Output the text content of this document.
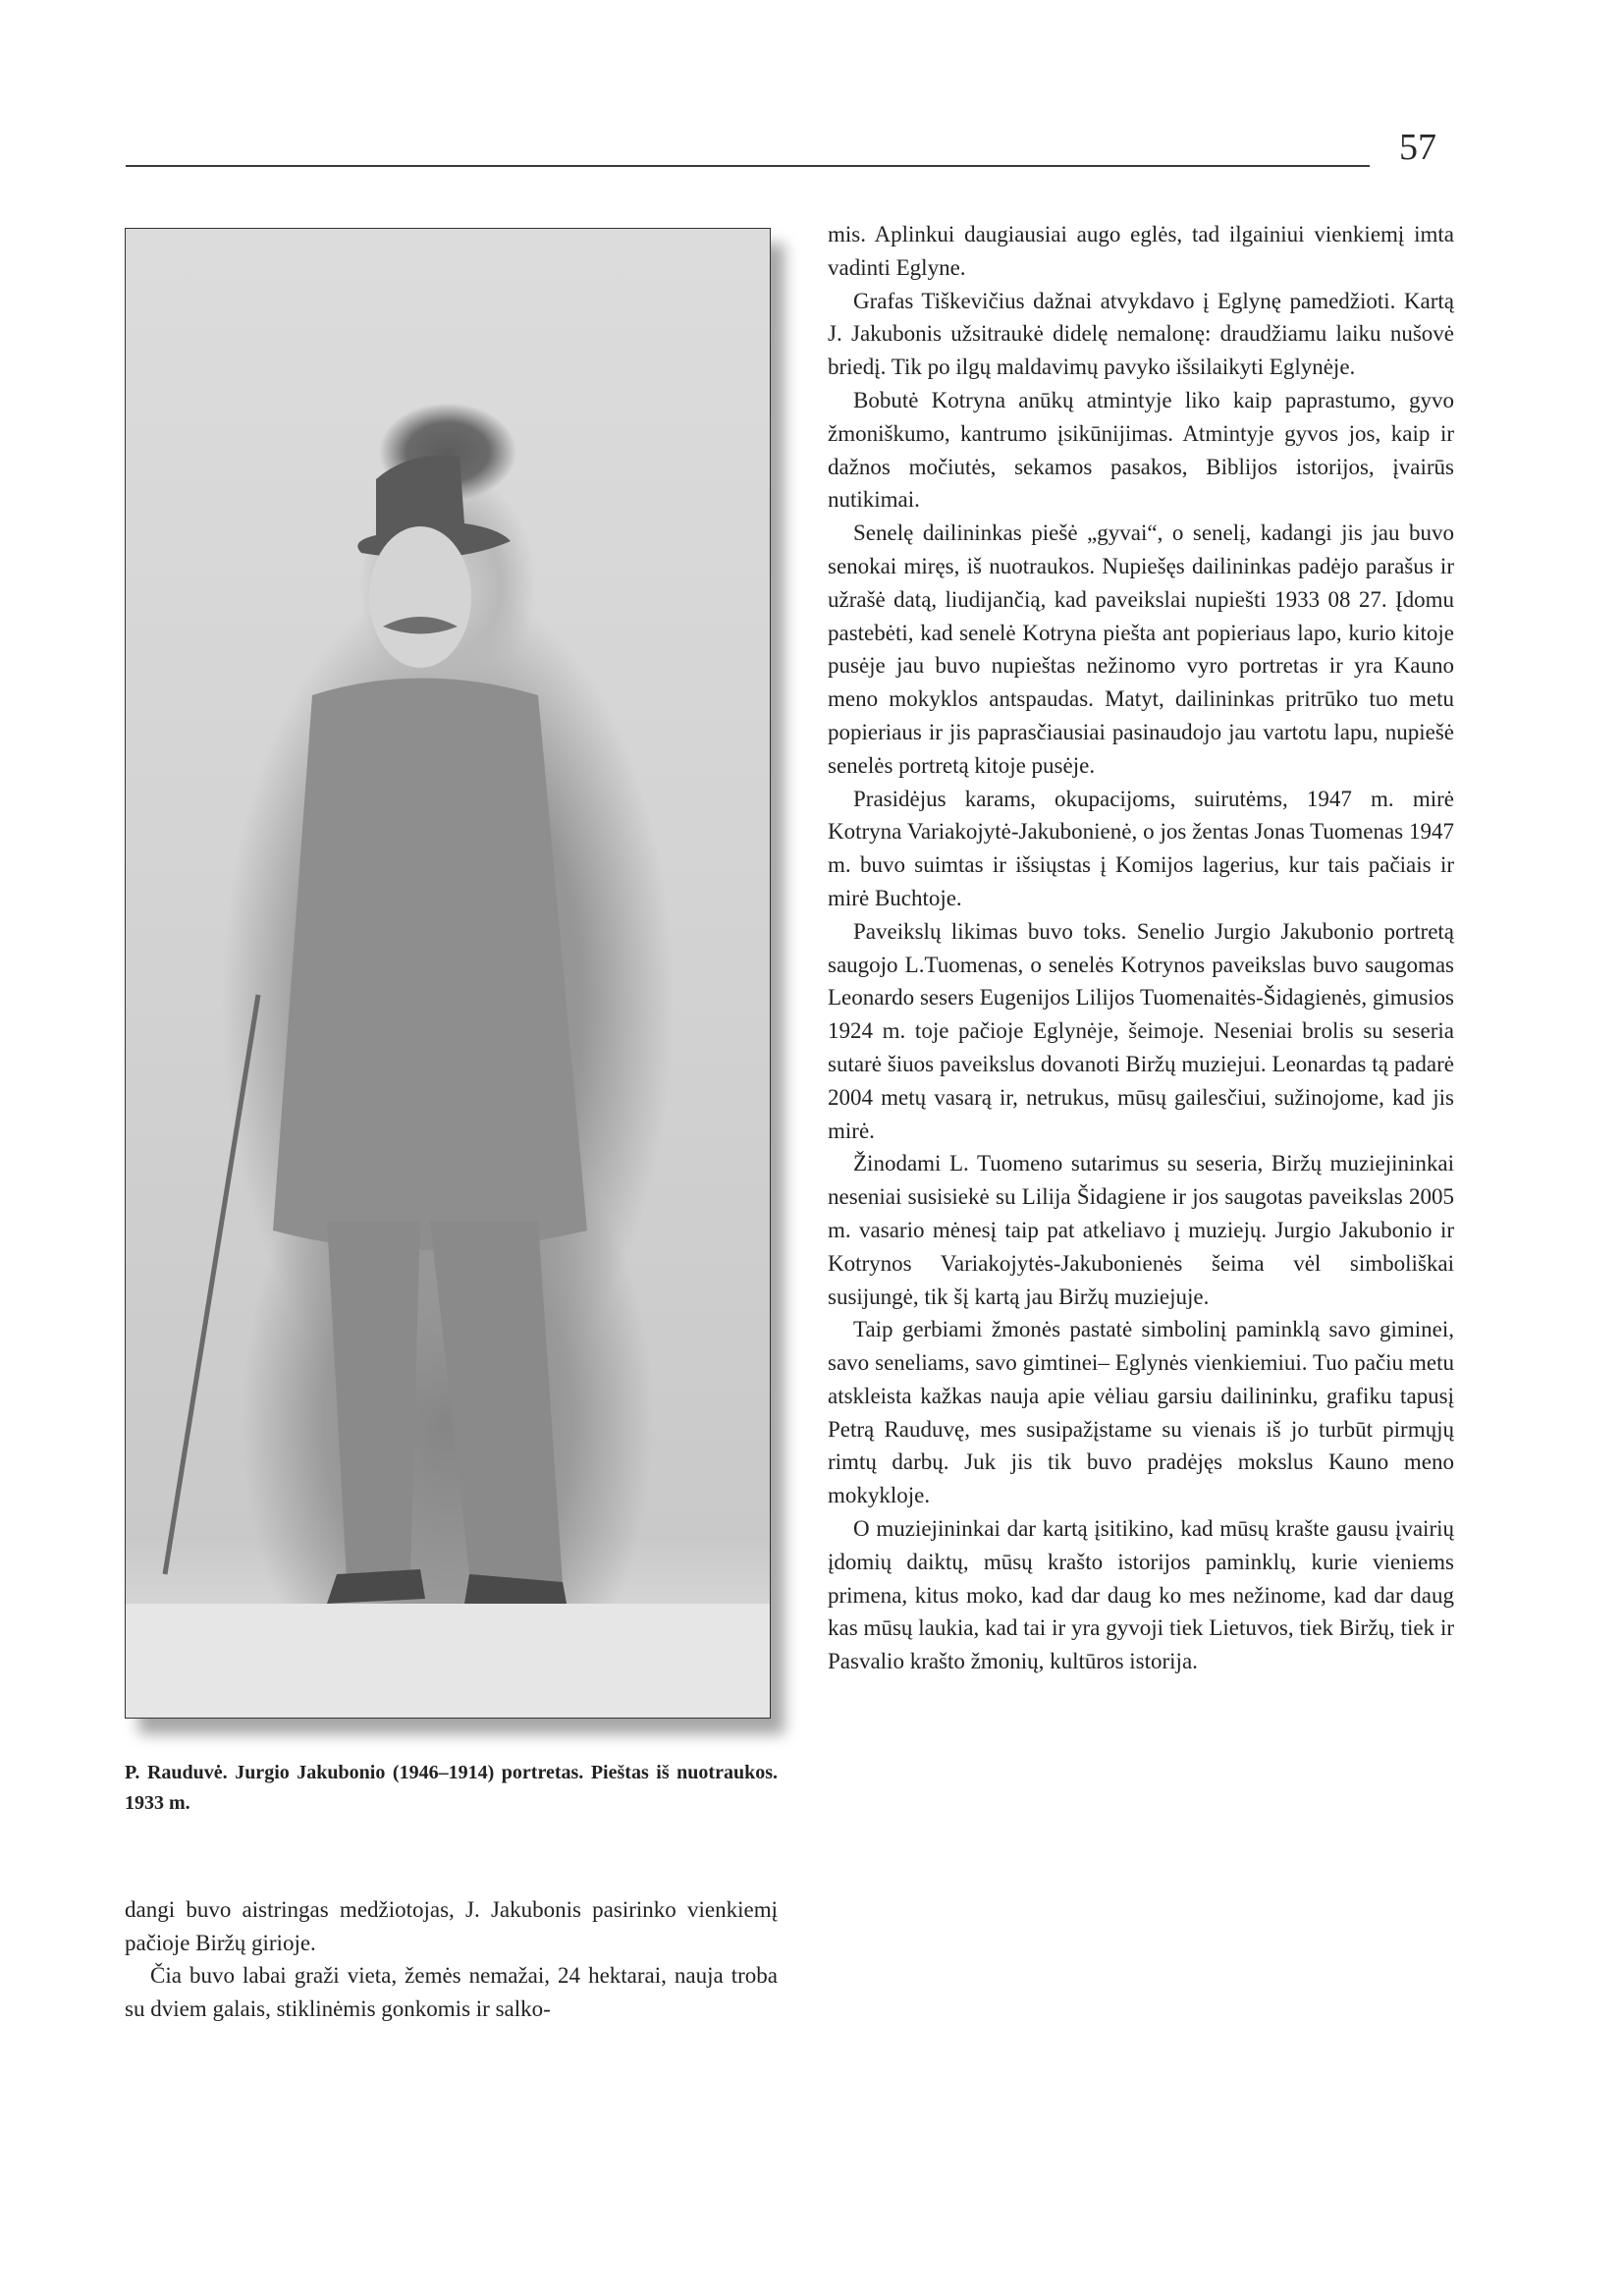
57
P. Rauduvė. Jurgio Jakubonio (1946–1914) portretas. Pieštas iš nuotraukos. 1933 m.

dangi buvo aistringas medžiotojas, J. Jakubonis pasirinko vienkiemį pačioje Biržų girioje.

Čia buvo labai graži vieta, žemės nemažai, 24 hektarai, nauja troba su dviem galais, stiklinėmis gonkomis ir salko-

mis. Aplinkui daugiausiai augo eglės, tad ilgainiui vienkiemį imta vadinti Eglyne.

Grafas Tiškevičius dažnai atvykdavo į Eglynę pamedžioti. Kartą J. Jakubonis užsitraukė didelę nemalonę: draudžiamu laiku nušovė briedį. Tik po ilgų maldavimų pavyko išsilaikyti Eglynėje.

Bobutė Kotryna anūkų atmintyje liko kaip paprastumo, gyvo žmoniškumo, kantrumo įsikūnijimas. Atmintyje gyvos jos, kaip ir dažnos močiutės, sekamos pasakos, Biblijos istorijos, įvairūs nutikimai.

Senelę dailininkas piešė „gyvai“, o senelį, kadangi jis jau buvo senokai miręs, iš nuotraukos. Nupiešęs dailininkas padėjo parašus ir užrašė datą, liudijančią, kad paveikslai nupiešti 1933 08 27. Įdomu pastebėti, kad senelė Kotryna piešta ant popieriaus lapo, kurio kitoje pusėje jau buvo nupieštas nežinomo vyro portretas ir yra Kauno meno mokyklos antspaudas. Matyt, dailininkas pritrūko tuo metu popieriaus ir jis paprasčiausiai pasinaudojo jau vartotu lapu, nupiešė senelės portretą kitoje pusėje.

Prasidėjus karams, okupacijoms, suirutėms, 1947 m. mirė Kotryna Variakojytė-Jakubonienė, o jos žentas Jonas Tuomenas 1947 m. buvo suimtas ir išsiųstas į Komijos lagerius, kur tais pačiais ir mirė Buchtoje.

Paveikslų likimas buvo toks. Senelio Jurgio Jakubonio portretą saugojo L.Tuomenas, o senelės Kotrynos paveikslas buvo saugomas Leonardo sesers Eugenijos Lilijos Tuomenaitės-Šidagienės, gimusios 1924 m. toje pačioje Eglynėje, šeimoje. Neseniai brolis su seseria sutarė šiuos paveikslus dovanoti Biržų muziejui. Leonardas tą padarė 2004 metų vasarą ir, netrukus, mūsų gailesčiui, sužinojome, kad jis mirė.

Žinodami L. Tuomeno sutarimus su seseria, Biržų muziejininkai neseniai susisiekė su Lilija Šidagiene ir jos saugotas paveikslas 2005 m. vasario mėnesį taip pat atkeliavo į muziejų. Jurgio Jakubonio ir Kotrynos Variakojytės-Jakubonienės šeima vėl simboliškai susijungė, tik šį kartą jau Biržų muziejuje.

Taip gerbiami žmonės pastatė simbolinį paminklą savo giminei, savo seneliams, savo gimtinei– Eglynės vienkiemiui. Tuo pačiu metu atskleista kažkas nauja apie vėliau garsiu dailininku, grafiku tapusį Petrą Rauduvę, mes susipažįstame su vienais iš jo turbūt pirmųjų rimtų darbų. Juk jis tik buvo pradėjęs mokslus Kauno meno mokykloje.

O muziejininkai dar kartą įsitikino, kad mūsų krašte gausu įvairių įdomių daiktų, mūsų krašto istorijos paminklų, kurie vieniems primena, kitus moko, kad dar daug ko mes nežinome, kad dar daug kas mūsų laukia, kad tai ir yra gyvoji tiek Lietuvos, tiek Biržų, tiek ir Pasvalio krašto žmonių, kultūros istorija.
